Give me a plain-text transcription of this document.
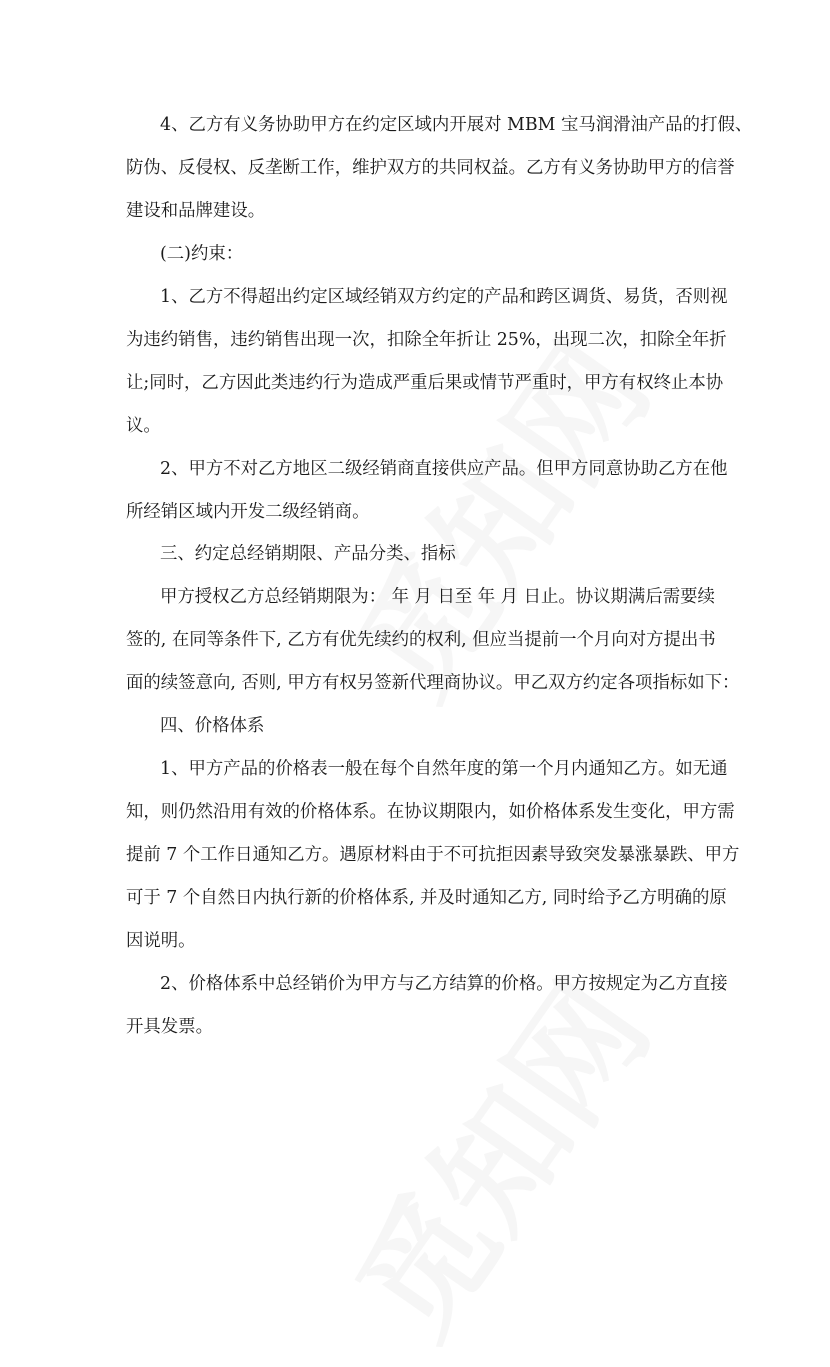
4、乙方有义务协助甲方在约定区域内开展对 MBM 宝马润滑油产品的打假、
防伪、反侵权、反垄断工作，维护双方的共同权益。乙方有义务协助甲方的信誉
建设和品牌建设。
(二)约束：
1、乙方不得超出约定区域经销双方约定的产品和跨区调货、易货，否则视
为违约销售，违约销售出现一次，扣除全年折让 25%，出现二次，扣除全年折
让;同时，乙方因此类违约行为造成严重后果或情节严重时，甲方有权终止本协
议。
2、甲方不对乙方地区二级经销商直接供应产品。但甲方同意协助乙方在他
所经销区域内开发二级经销商。
三、约定总经销期限、产品分类、指标
甲方授权乙方总经销期限为： 年 月 日至 年 月 日止。协议期满后需要续
签的, 在同等条件下, 乙方有优先续约的权利, 但应当提前一个月向对方提出书
面的续签意向, 否则, 甲方有权另签新代理商协议。甲乙双方约定各项指标如下：
四、价格体系
1、甲方产品的价格表一般在每个自然年度的第一个月内通知乙方。如无通
知，则仍然沿用有效的价格体系。在协议期限内，如价格体系发生变化，甲方需
提前 7 个工作日通知乙方。遇原材料由于不可抗拒因素导致突发暴涨暴跌、甲方
可于 7 个自然日内执行新的价格体系, 并及时通知乙方, 同时给予乙方明确的原
因说明。
2、价格体系中总经销价为甲方与乙方结算的价格。甲方按规定为乙方直接
开具发票。
